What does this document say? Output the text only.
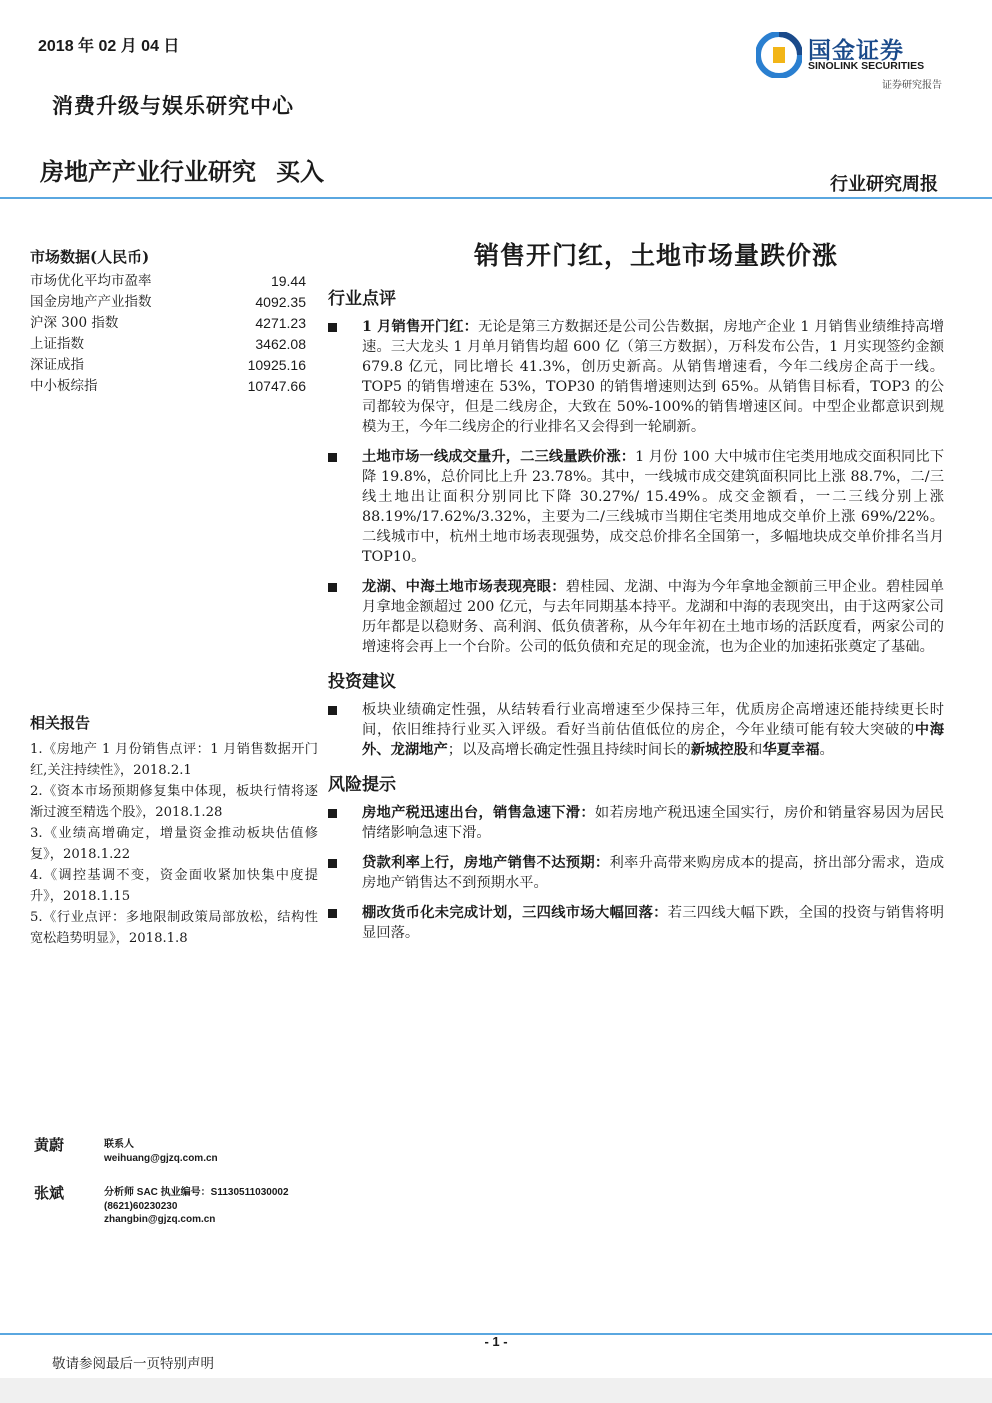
2018 年 02 月 04 日
消费升级与娱乐研究中心
房地产产业行业研究 买入	行业研究周报
国金证券
SINOLINK SECURITIES
证券研究报告
市场数据(人民币)
市场优化平均市盈率	19.44
国金房地产产业指数	4092.35
沪深 300 指数	4271.23
上证指数	3462.08
深证成指	10925.16
中小板综指	10747.66
相关报告
1.《房地产 1 月份销售点评：1 月销售数据开门红,关注持续性》，2018.2.1
2.《资本市场预期修复集中体现，板块行情将逐渐过渡至精选个股》，2018.1.28
3.《业绩高增确定，增量资金推动板块估值修复》，2018.1.22
4.《调控基调不变，资金面收紧加快集中度提升》，2018.1.15
5.《行业点评：多地限制政策局部放松，结构性宽松趋势明显》，2018.1.8
黄蔚	联系人
weihuang@gjzq.com.cn
张斌	分析师 SAC 执业编号：S1130511030002
(8621)60230230
zhangbin@gjzq.com.cn
销售开门红，土地市场量跌价涨
行业点评
1 月销售开门红：无论是第三方数据还是公司公告数据，房地产企业 1 月销售业绩维持高增速。三大龙头 1 月单月销售均超 600 亿（第三方数据），万科发布公告，1 月实现签约金额 679.8 亿元，同比增长 41.3%，创历史新高。从销售增速看，今年二线房企高于一线。TOP5 的销售增速在 53%，TOP30 的销售增速则达到 65%。从销售目标看，TOP3 的公司都较为保守，但是二线房企，大致在 50%-100%的销售增速区间。中型企业都意识到规模为王，今年二线房企的行业排名又会得到一轮刷新。
土地市场一线成交量升，二三线量跌价涨：1 月份 100 大中城市住宅类用地成交面积同比下降 19.8%，总价同比上升 23.78%。其中，一线城市成交建筑面积同比上涨 88.7%，二/三线土地出让面积分别同比下降 30.27%/ 15.49%。成交金额看，一二三线分别上涨 88.19%/17.62%/3.32%，主要为二/三线城市当期住宅类用地成交单价上涨 69%/22%。二线城市中，杭州土地市场表现强势，成交总价排名全国第一，多幅地块成交单价排名当月 TOP10。
龙湖、中海土地市场表现亮眼：碧桂园、龙湖、中海为今年拿地金额前三甲企业。碧桂园单月拿地金额超过 200 亿元，与去年同期基本持平。龙湖和中海的表现突出，由于这两家公司历年都是以稳财务、高利润、低负债著称，从今年年初在土地市场的活跃度看，两家公司的增速将会再上一个台阶。公司的低负债和充足的现金流，也为企业的加速拓张奠定了基础。
投资建议
板块业绩确定性强，从结转看行业高增速至少保持三年，优质房企高增速还能持续更长时间，依旧维持行业买入评级。看好当前估值低位的房企，今年业绩可能有较大突破的中海外、龙湖地产；以及高增长确定性强且持续时间长的新城控股和华夏幸福。
风险提示
房地产税迅速出台，销售急速下滑：如若房地产税迅速全国实行，房价和销量容易因为居民情绪影响急速下滑。
贷款利率上行，房地产销售不达预期：利率升高带来购房成本的提高，挤出部分需求，造成房地产销售达不到预期水平。
棚改货币化未完成计划，三四线市场大幅回落：若三四线大幅下跌，全国的投资与销售将明显回落。
- 1 -
敬请参阅最后一页特别声明
